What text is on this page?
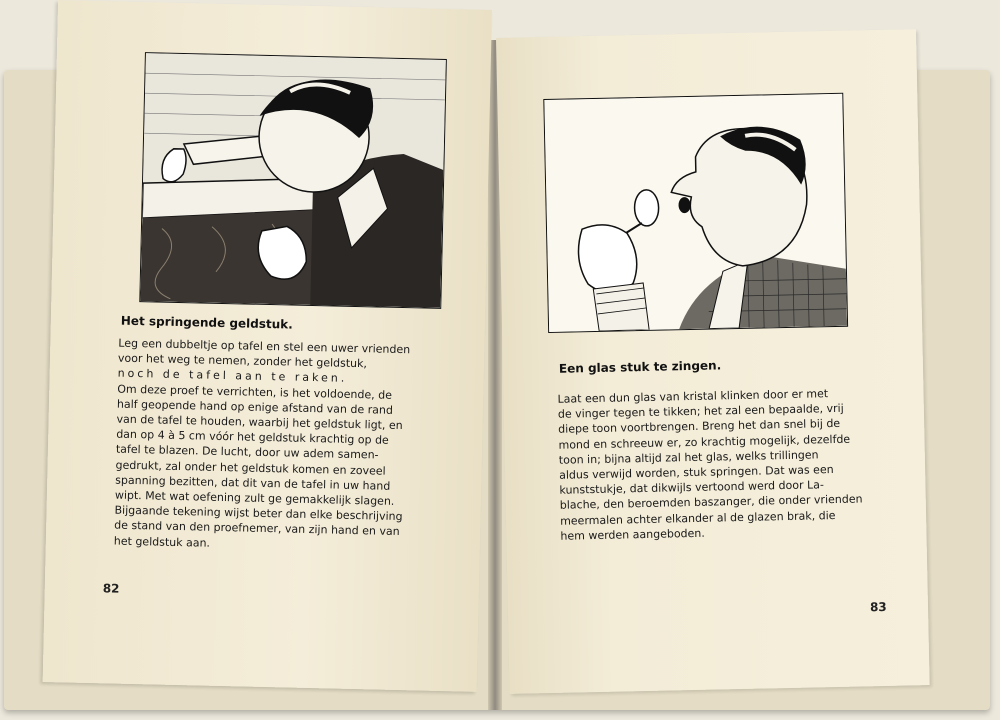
Het springende geldstuk.

Leg een dubbeltje op tafel en stel een uwer vrienden

voor het weg te nemen, zonder het geldstuk,

noch de tafel aan te raken.

Om deze proef te verrichten, is het voldoende, de

half geopende hand op enige afstand van de rand

van de tafel te houden, waarbij het geldstuk ligt, en

dan op 4 à 5 cm vóór het geldstuk krachtig op de

tafel te blazen. De lucht, door uw adem samen-

gedrukt, zal onder het geldstuk komen en zoveel

spanning bezitten, dat dit van de tafel in uw hand

wipt. Met wat oefening zult ge gemakkelijk slagen.

Bijgaande tekening wijst beter dan elke beschrijving

de stand van den proefnemer, van zijn hand en van

het geldstuk aan.

82
Een glas stuk te zingen.

Laat een dun glas van kristal klinken door er met

de vinger tegen te tikken; het zal een bepaalde, vrij

diepe toon voortbrengen. Breng het dan snel bij de

mond en schreeuw er, zo krachtig mogelijk, dezelfde

toon in; bijna altijd zal het glas, welks trillingen

aldus verwijd worden, stuk springen. Dat was een

kunststukje, dat dikwijls vertoond werd door La-

blache, den beroemden baszanger, die onder vrienden

meermalen achter elkander al de glazen brak, die

hem werden aangeboden.

83
